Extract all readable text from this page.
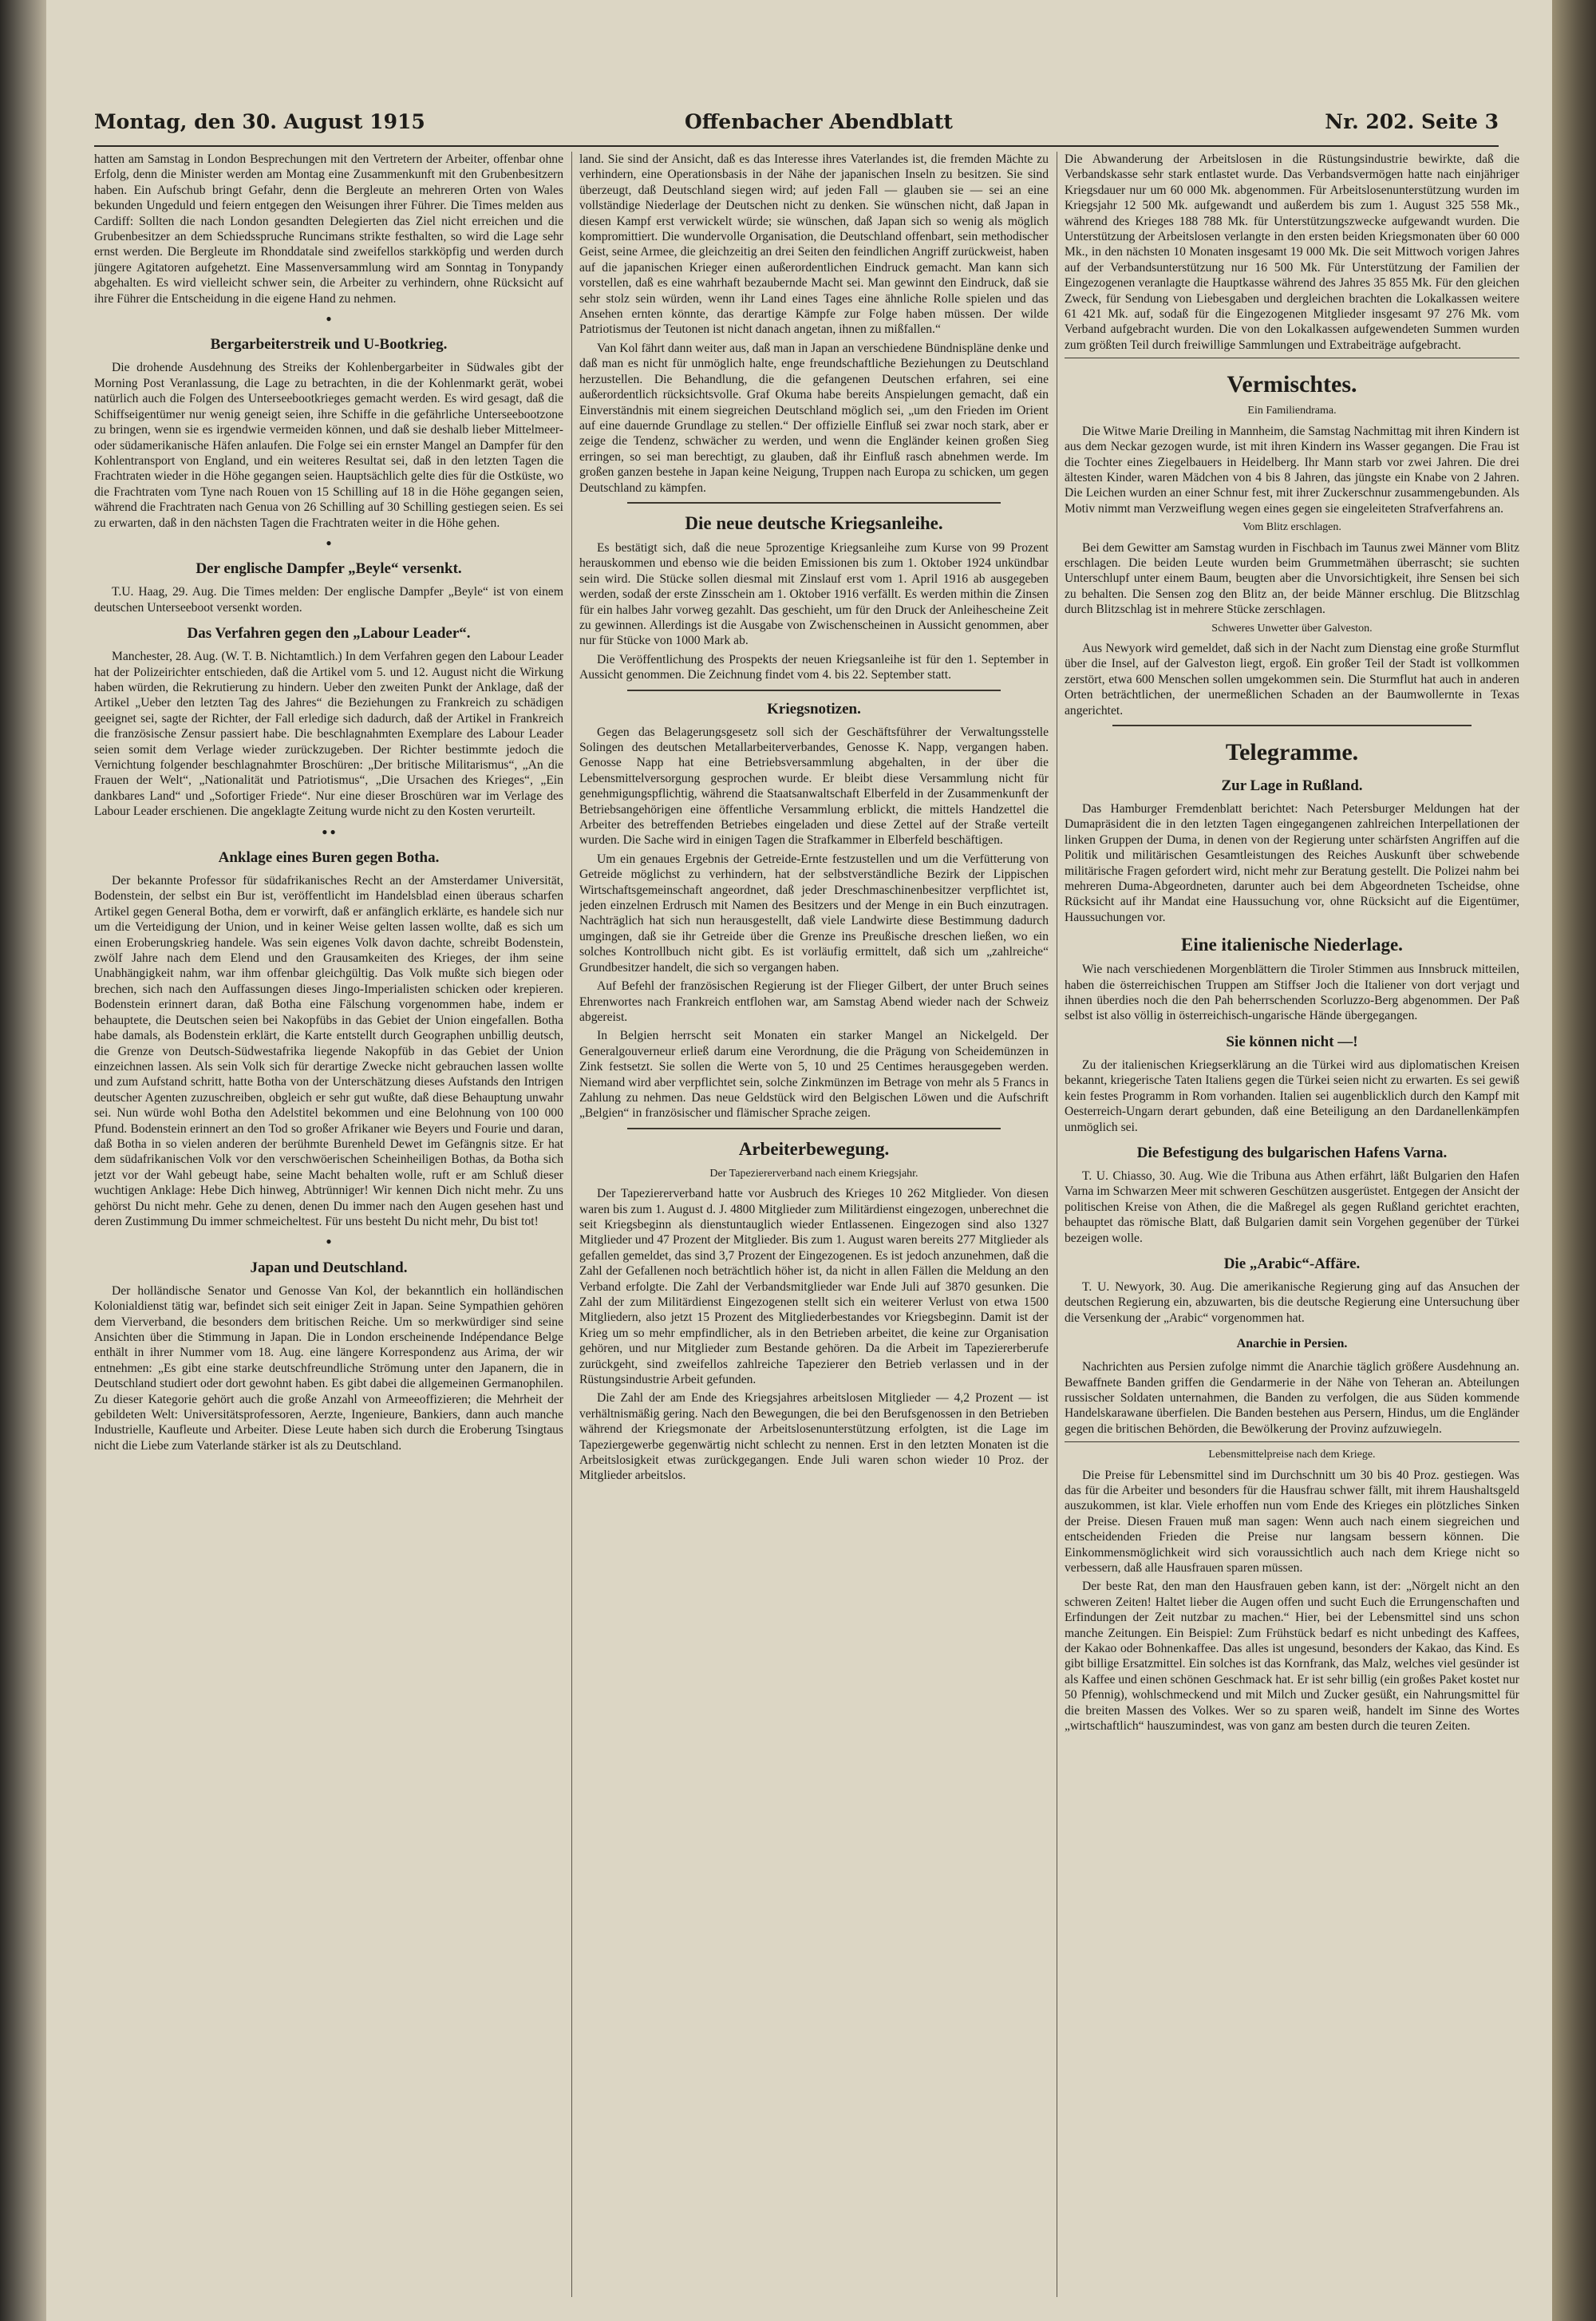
Montag, den 30. August 1915	Offenbacher Abendblatt	Nr. 202. Seite 3

hatten am Samstag in London Besprechungen mit den Vertretern der Arbeiter, offenbar ohne Erfolg, denn die Minister werden am Montag eine Zusammenkunft mit den Grubenbesitzern haben. Ein Aufschub bringt Gefahr, denn die Bergleute an mehreren Orten von Wales bekunden Ungeduld und feiern entgegen den Weisungen ihrer Führer. Die Times melden aus Cardiff: Sollten die nach London gesandten Delegierten das Ziel nicht erreichen und die Grubenbesitzer an dem Schiedsspruche Runcimans strikte festhalten, so wird die Lage sehr ernst werden. Die Bergleute im Rhonddatale sind zweifellos starkköpfig und werden durch jüngere Agitatoren aufgehetzt. Eine Massenversammlung wird am Sonntag in Tonypandy abgehalten. Es wird vielleicht schwer sein, die Arbeiter zu verhindern, ohne Rücksicht auf ihre Führer die Entscheidung in die eigene Hand zu nehmen.

●
Bergarbeiterstreik und U-Bootkrieg.

Die drohende Ausdehnung des Streiks der Kohlenbergarbeiter in Südwales gibt der Morning Post Veranlassung, die Lage zu betrachten, in die der Kohlenmarkt gerät, wobei natürlich auch die Folgen des Unterseebootkrieges gemacht werden. Es wird gesagt, daß die Schiffseigentümer nur wenig geneigt seien, ihre Schiffe in die gefährliche Unterseebootzone zu bringen, wenn sie es irgendwie vermeiden können, und daß sie deshalb lieber Mittelmeer- oder südamerikanische Häfen anlaufen. Die Folge sei ein ernster Mangel an Dampfer für den Kohlentransport von England, und ein weiteres Resultat sei, daß in den letzten Tagen die Frachtraten wieder in die Höhe gegangen seien. Hauptsächlich gelte dies für die Ostküste, wo die Frachtraten vom Tyne nach Rouen von 15 Schilling auf 18 in die Höhe gegangen seien, während die Frachtraten nach Genua von 26 Schilling auf 30 Schilling gestiegen seien. Es sei zu erwarten, daß in den nächsten Tagen die Frachtraten weiter in die Höhe gehen.

●
Der englische Dampfer „Beyle“ versenkt.

T.U. Haag, 29. Aug. Die Times melden: Der englische Dampfer „Beyle“ ist von einem deutschen Unterseeboot versenkt worden.

Das Verfahren gegen den „Labour Leader“.

Manchester, 28. Aug. (W. T. B. Nichtamtlich.) In dem Verfahren gegen den Labour Leader hat der Polizeirichter entschieden, daß die Artikel vom 5. und 12. August nicht die Wirkung haben würden, die Rekrutierung zu hindern. Ueber den zweiten Punkt der Anklage, daß der Artikel „Ueber den letzten Tag des Jahres“ die Beziehungen zu Frankreich zu schädigen geeignet sei, sagte der Richter, der Fall erledige sich dadurch, daß der Artikel in Frankreich die französische Zensur passiert habe. Die beschlagnahmten Exemplare des Labour Leader seien somit dem Verlage wieder zurückzugeben. Der Richter bestimmte jedoch die Vernichtung folgender beschlagnahmter Broschüren: „Der britische Militarismus“, „An die Frauen der Welt“, „Nationalität und Patriotismus“, „Die Ursachen des Krieges“, „Ein dankbares Land“ und „Sofortiger Friede“. Nur eine dieser Broschüren war im Verlage des Labour Leader erschienen. Die angeklagte Zeitung wurde nicht zu den Kosten verurteilt.

● ●
Anklage eines Buren gegen Botha.

Der bekannte Professor für südafrikanisches Recht an der Amsterdamer Universität, Bodenstein, der selbst ein Bur ist, veröffentlicht im Handelsblad einen überaus scharfen Artikel gegen General Botha, dem er vorwirft, daß er anfänglich erklärte, es handele sich nur um die Verteidigung der Union, und in keiner Weise gelten lassen wollte, daß es sich um einen Eroberungskrieg handele. Was sein eigenes Volk davon dachte, schreibt Bodenstein, zwölf Jahre nach dem Elend und den Grausamkeiten des Krieges, der ihm seine Unabhängigkeit nahm, war ihm offenbar gleichgültig. Das Volk mußte sich biegen oder brechen, sich nach den Auffassungen dieses Jingo-Imperialisten schicken oder krepieren. Bodenstein erinnert daran, daß Botha eine Fälschung vorgenommen habe, indem er behauptete, die Deutschen seien bei Nakopfübs in das Gebiet der Union eingefallen. Botha habe damals, als Bodenstein erklärt, die Karte entstellt durch Geographen unbillig deutsch, die Grenze von Deutsch-Südwestafrika liegende Nakopfüb in das Gebiet der Union einzeichnen lassen. Als sein Volk sich für derartige Zwecke nicht gebrauchen lassen wollte und zum Aufstand schritt, hatte Botha von der Unterschätzung dieses Aufstands den Intrigen deutscher Agenten zuzuschreiben, obgleich er sehr gut wußte, daß diese Behauptung unwahr sei. Nun würde wohl Botha den Adelstitel bekommen und eine Belohnung von 100 000 Pfund. Bodenstein erinnert an den Tod so großer Afrikaner wie Beyers und Fourie und daran, daß Botha in so vielen anderen der berühmte Burenheld Dewet im Gefängnis sitze. Er hat dem südafrikanischen Volk vor den verschwöerischen Scheinheiligen Bothas, da Botha sich jetzt vor der Wahl gebeugt habe, seine Macht behalten wolle, ruft er am Schluß dieser wuchtigen Anklage: Hebe Dich hinweg, Abtrünniger! Wir kennen Dich nicht mehr. Zu uns gehörst Du nicht mehr. Gehe zu denen, denen Du immer nach den Augen gesehen hast und deren Zustimmung Du immer schmeicheltest. Für uns besteht Du nicht mehr, Du bist tot!

●
Japan und Deutschland.

Der holländische Senator und Genosse Van Kol, der bekanntlich ein holländischen Kolonialdienst tätig war, befindet sich seit einiger Zeit in Japan. Seine Sympathien gehören dem Vierverband, die besonders dem britischen Reiche. Um so merkwürdiger sind seine Ansichten über die Stimmung in Japan. Die in London erscheinende Indépendance Belge enthält in ihrer Nummer vom 18. Aug. eine längere Korrespondenz aus Arima, der wir entnehmen: „Es gibt eine starke deutschfreundliche Strömung unter den Japanern, die in Deutschland studiert oder dort gewohnt haben. Es gibt dabei die allgemeinen Germanophilen. Zu dieser Kategorie gehört auch die große Anzahl von Armeeoffizieren; die Mehrheit der gebildeten Welt: Universitätsprofessoren, Aerzte, Ingenieure, Bankiers, dann auch manche Industrielle, Kaufleute und Arbeiter. Diese Leute haben sich durch die Eroberung Tsingtaus nicht die Liebe zum Vaterlande stärker ist als zu Deutschland.

land. Sie sind der Ansicht, daß es das Interesse ihres Vaterlandes ist, die fremden Mächte zu verhindern, eine Operationsbasis in der Nähe der japanischen Inseln zu besitzen. Sie sind überzeugt, daß Deutschland siegen wird; auf jeden Fall — glauben sie — sei an eine vollständige Niederlage der Deutschen nicht zu denken. Sie wünschen nicht, daß Japan in diesen Kampf erst verwickelt würde; sie wünschen, daß Japan sich so wenig als möglich kompromittiert. Die wundervolle Organisation, die Deutschland offenbart, sein methodischer Geist, seine Armee, die gleichzeitig an drei Seiten den feindlichen Angriff zurückweist, haben auf die japanischen Krieger einen außerordentlichen Eindruck gemacht. Man kann sich vorstellen, daß es eine wahrhaft bezaubernde Macht sei. Man gewinnt den Eindruck, daß sie sehr stolz sein würden, wenn ihr Land eines Tages eine ähnliche Rolle spielen und das Ansehen ernten könnte, das derartige Kämpfe zur Folge haben müssen. Der wilde Patriotismus der Teutonen ist nicht danach angetan, ihnen zu mißfallen.“

Van Kol fährt dann weiter aus, daß man in Japan an verschiedene Bündnispläne denke und daß man es nicht für unmöglich halte, enge freundschaftliche Beziehungen zu Deutschland herzustellen. Die Behandlung, die die gefangenen Deutschen erfahren, sei eine außerordentlich rücksichtsvolle. Graf Okuma habe bereits Anspielungen gemacht, daß ein Einverständnis mit einem siegreichen Deutschland möglich sei, „um den Frieden im Orient auf eine dauernde Grundlage zu stellen.“ Der offizielle Einfluß sei zwar noch stark, aber er zeige die Tendenz, schwächer zu werden, und wenn die Engländer keinen großen Sieg erringen, so sei man berechtigt, zu glauben, daß ihr Einfluß rasch abnehmen werde. Im großen ganzen bestehe in Japan keine Neigung, Truppen nach Europa zu schicken, um gegen Deutschland zu kämpfen.

Die neue deutsche Kriegsanleihe.

Es bestätigt sich, daß die neue 5prozentige Kriegsanleihe zum Kurse von 99 Prozent herauskommen und ebenso wie die beiden Emissionen bis zum 1. Oktober 1924 unkündbar sein wird. Die Stücke sollen diesmal mit Zinslauf erst vom 1. April 1916 ab ausgegeben werden, sodaß der erste Zinsschein am 1. Oktober 1916 verfällt. Es werden mithin die Zinsen für ein halbes Jahr vorweg gezahlt. Das geschieht, um für den Druck der Anleihescheine Zeit zu gewinnen. Allerdings ist die Ausgabe von Zwischenscheinen in Aussicht genommen, aber nur für Stücke von 1000 Mark ab.

Die Veröffentlichung des Prospekts der neuen Kriegsanleihe ist für den 1. September in Aussicht genommen. Die Zeichnung findet vom 4. bis 22. September statt.

Kriegsnotizen.

Gegen das Belagerungsgesetz soll sich der Geschäftsführer der Verwaltungsstelle Solingen des deutschen Metallarbeiterverbandes, Genosse K. Napp, vergangen haben. Genosse Napp hat eine Betriebsversammlung abgehalten, in der über die Lebensmittelversorgung gesprochen wurde. Er bleibt diese Versammlung nicht für genehmigungspflichtig, während die Staatsanwaltschaft Elberfeld in der Zusammenkunft der Betriebsangehörigen eine öffentliche Versammlung erblickt, die mittels Handzettel die Arbeiter des betreffenden Betriebes eingeladen und diese Zettel auf der Straße verteilt wurden. Die Sache wird in einigen Tagen die Strafkammer in Elberfeld beschäftigen.

Um ein genaues Ergebnis der Getreide-Ernte festzustellen und um die Verfütterung von Getreide möglichst zu verhindern, hat der selbstverständliche Bezirk der Lippischen Wirtschaftsgemeinschaft angeordnet, daß jeder Dreschmaschinenbesitzer verpflichtet ist, jeden einzelnen Erdrusch mit Namen des Besitzers und der Menge in ein Buch einzutragen. Nachträglich hat sich nun herausgestellt, daß viele Landwirte diese Bestimmung dadurch umgingen, daß sie ihr Getreide über die Grenze ins Preußische dreschen ließen, wo ein solches Kontrollbuch nicht gibt. Es ist vorläufig ermittelt, daß sich um „zahlreiche“ Grundbesitzer handelt, die sich so vergangen haben.

Auf Befehl der französischen Regierung ist der Flieger Gilbert, der unter Bruch seines Ehrenwortes nach Frankreich entflohen war, am Samstag Abend wieder nach der Schweiz abgereist.

In Belgien herrscht seit Monaten ein starker Mangel an Nickelgeld. Der Generalgouverneur erließ darum eine Verordnung, die die Prägung von Scheidemünzen in Zink festsetzt. Sie sollen die Werte von 5, 10 und 25 Centimes herausgegeben werden. Niemand wird aber verpflichtet sein, solche Zinkmünzen im Betrage von mehr als 5 Francs in Zahlung zu nehmen. Das neue Geldstück wird den Belgischen Löwen und die Aufschrift „Belgien“ in französischer und flämischer Sprache zeigen.

Arbeiterbewegung.
Der Tapeziererverband nach einem Kriegsjahr.

Der Tapeziererverband hatte vor Ausbruch des Krieges 10 262 Mitglieder. Von diesen waren bis zum 1. August d. J. 4800 Mitglieder zum Militärdienst eingezogen, unberechnet die seit Kriegsbeginn als dienstuntauglich wieder Entlassenen. Eingezogen sind also 1327 Mitglieder und 47 Prozent der Mitglieder. Bis zum 1. August waren bereits 277 Mitglieder als gefallen gemeldet, das sind 3,7 Prozent der Eingezogenen. Es ist jedoch anzunehmen, daß die Zahl der Gefallenen noch beträchtlich höher ist, da nicht in allen Fällen die Meldung an den Verband erfolgte. Die Zahl der Verbandsmitglieder war Ende Juli auf 3870 gesunken. Die Zahl der zum Militärdienst Eingezogenen stellt sich ein weiterer Verlust von etwa 1500 Mitgliedern, also jetzt 15 Prozent des Mitgliederbestandes vor Kriegsbeginn. Damit ist der Krieg um so mehr empfindlicher, als in den Betrieben arbeitet, die keine zur Organisation gehören, und nur Mitglieder zum Bestande gehören. Da die Arbeit im Tapeziererberufe zurückgeht, sind zweifellos zahlreiche Tapezierer den Betrieb verlassen und in der Rüstungsindustrie Arbeit gefunden.

Die Zahl der am Ende des Kriegsjahres arbeitslosen Mitglieder — 4,2 Prozent — ist verhältnismäßig gering. Nach den Bewegungen, die bei den Berufsgenossen in den Betrieben während der Kriegsmonate der Arbeitslosenunterstützung erfolgten, ist die Lage im Tapeziergewerbe gegenwärtig nicht schlecht zu nennen. Erst in den letzten Monaten ist die Arbeitslosigkeit etwas zurückgegangen. Ende Juli waren schon wieder 10 Proz. der Mitglieder arbeitslos.

Die Abwanderung der Arbeitslosen in die Rüstungsindustrie bewirkte, daß die Verbandskasse sehr stark entlastet wurde. Das Verbandsvermögen hatte nach einjähriger Kriegsdauer nur um 60 000 Mk. abgenommen. Für Arbeitslosenunterstützung wurden im Kriegsjahr 12 500 Mk. aufgewandt und außerdem bis zum 1. August 325 558 Mk., während des Krieges 188 788 Mk. für Unterstützungszwecke aufgewandt wurden. Die Unterstützung der Arbeitslosen verlangte in den ersten beiden Kriegsmonaten über 60 000 Mk., in den nächsten 10 Monaten insgesamt 19 000 Mk. Die seit Mittwoch vorigen Jahres auf der Verbandsunterstützung nur 16 500 Mk. Für Unterstützung der Familien der Eingezogenen veranlagte die Hauptkasse während des Jahres 35 855 Mk. Für den gleichen Zweck, für Sendung von Liebesgaben und dergleichen brachten die Lokalkassen weitere 61 421 Mk. auf, sodaß für die Eingezogenen Mitglieder insgesamt 97 276 Mk. vom Verband aufgebracht wurden. Die von den Lokalkassen aufgewendeten Summen wurden zum größten Teil durch freiwillige Sammlungen und Extrabeiträge aufgebracht.

Vermischtes.
Ein Familiendrama.

Die Witwe Marie Dreiling in Mannheim, die Samstag Nachmittag mit ihren Kindern ist aus dem Neckar gezogen wurde, ist mit ihren Kindern ins Wasser gegangen. Die Frau ist die Tochter eines Ziegelbauers in Heidelberg. Ihr Mann starb vor zwei Jahren. Die drei ältesten Kinder, waren Mädchen von 4 bis 8 Jahren, das jüngste ein Knabe von 2 Jahren. Die Leichen wurden an einer Schnur fest, mit ihrer Zuckerschnur zusammengebunden. Als Motiv nimmt man Verzweiflung wegen eines gegen sie eingeleiteten Strafverfahrens an.

Vom Blitz erschlagen.

Bei dem Gewitter am Samstag wurden in Fischbach im Taunus zwei Männer vom Blitz erschlagen. Die beiden Leute wurden beim Grummetmähen überrascht; sie suchten Unterschlupf unter einem Baum, beugten aber die Unvorsichtigkeit, ihre Sensen bei sich zu behalten. Die Sensen zog den Blitz an, der beide Männer erschlug. Die Blitzschlag durch Blitzschlag ist in mehrere Stücke zerschlagen.

Schweres Unwetter über Galveston.

Aus Newyork wird gemeldet, daß sich in der Nacht zum Dienstag eine große Sturmflut über die Insel, auf der Galveston liegt, ergoß. Ein großer Teil der Stadt ist vollkommen zerstört, etwa 600 Menschen sollen umgekommen sein. Die Sturmflut hat auch in anderen Orten beträchtlichen, der unermeßlichen Schaden an der Baumwollernte in Texas angerichtet.

Telegramme.
Zur Lage in Rußland.

Das Hamburger Fremdenblatt berichtet: Nach Petersburger Meldungen hat der Dumapräsident die in den letzten Tagen eingegangenen zahlreichen Interpellationen der linken Gruppen der Duma, in denen von der Regierung unter schärfsten Angriffen auf die Politik und militärischen Gesamtleistungen des Reiches Auskunft über schwebende militärische Fragen gefordert wird, nicht mehr zur Beratung gestellt. Die Polizei nahm bei mehreren Duma-Abgeordneten, darunter auch bei dem Abgeordneten Tscheidse, ohne Rücksicht auf ihr Mandat eine Haussuchung vor, ohne Rücksicht auf die Eigentümer, Haussuchungen vor.

Eine italienische Niederlage.

Wie nach verschiedenen Morgenblättern die Tiroler Stimmen aus Innsbruck mitteilen, haben die österreichischen Truppen am Stiffser Joch die Italiener von dort verjagt und ihnen überdies noch die den Pah beherrschenden Scorluzzo-Berg abgenommen. Der Paß selbst ist also völlig in österreichisch-ungarische Hände übergegangen.

Sie können nicht —!

Zu der italienischen Kriegserklärung an die Türkei wird aus diplomatischen Kreisen bekannt, kriegerische Taten Italiens gegen die Türkei seien nicht zu erwarten. Es sei gewiß kein festes Programm in Rom vorhanden. Italien sei augenblicklich durch den Kampf mit Oesterreich-Ungarn derart gebunden, daß eine Beteiligung an den Dardanellenkämpfen unmöglich sei.

Die Befestigung des bulgarischen Hafens Varna.

T. U. Chiasso, 30. Aug. Wie die Tribuna aus Athen erfährt, läßt Bulgarien den Hafen Varna im Schwarzen Meer mit schweren Geschützen ausgerüstet. Entgegen der Ansicht der politischen Kreise von Athen, die die Maßregel als gegen Rußland gerichtet erachten, behauptet das römische Blatt, daß Bulgarien damit sein Vorgehen gegenüber der Türkei bezeigen wolle.

Die „Arabic“-Affäre.

T. U. Newyork, 30. Aug. Die amerikanische Regierung ging auf das Ansuchen der deutschen Regierung ein, abzuwarten, bis die deutsche Regierung eine Untersuchung über die Versenkung der „Arabic“ vorgenommen hat.

Anarchie in Persien.

Nachrichten aus Persien zufolge nimmt die Anarchie täglich größere Ausdehnung an. Bewaffnete Banden griffen die Gendarmerie in der Nähe von Teheran an. Abteilungen russischer Soldaten unternahmen, die Banden zu verfolgen, die aus Süden kommende Handelskarawane überfielen. Die Banden bestehen aus Persern, Hindus, um die Engländer gegen die britischen Behörden, die Bewölkerung der Provinz aufzuwiegeln.

Lebensmittelpreise nach dem Kriege.

Die Preise für Lebensmittel sind im Durchschnitt um 30 bis 40 Proz. gestiegen. Was das für die Arbeiter und besonders für die Hausfrau schwer fällt, mit ihrem Haushaltsgeld auszukommen, ist klar. Viele erhoffen nun vom Ende des Krieges ein plötzliches Sinken der Preise. Diesen Frauen muß man sagen: Wenn auch nach einem siegreichen und entscheidenden Frieden die Preise nur langsam bessern können. Die Einkommensmöglichkeit wird sich voraussichtlich auch nach dem Kriege nicht so verbessern, daß alle Hausfrauen sparen müssen.

Der beste Rat, den man den Hausfrauen geben kann, ist der: „Nörgelt nicht an den schweren Zeiten! Haltet lieber die Augen offen und sucht Euch die Errungenschaften und Erfindungen der Zeit nutzbar zu machen.“ Hier, bei der Lebensmittel sind uns schon manche Zeitungen. Ein Beispiel: Zum Frühstück bedarf es nicht unbedingt des Kaffees, der Kakao oder Bohnenkaffee. Das alles ist ungesund, besonders der Kakao, das Kind. Es gibt billige Ersatzmittel. Ein solches ist das Kornfrank, das Malz, welches viel gesünder ist als Kaffee und einen schönen Geschmack hat. Er ist sehr billig (ein großes Paket kostet nur 50 Pfennig), wohlschmeckend und mit Milch und Zucker gesüßt, ein Nahrungsmittel für die breiten Massen des Volkes. Wer so zu sparen weiß, handelt im Sinne des Wortes „wirtschaftlich“ hauszumindest, was von ganz am besten durch die teuren Zeiten.
